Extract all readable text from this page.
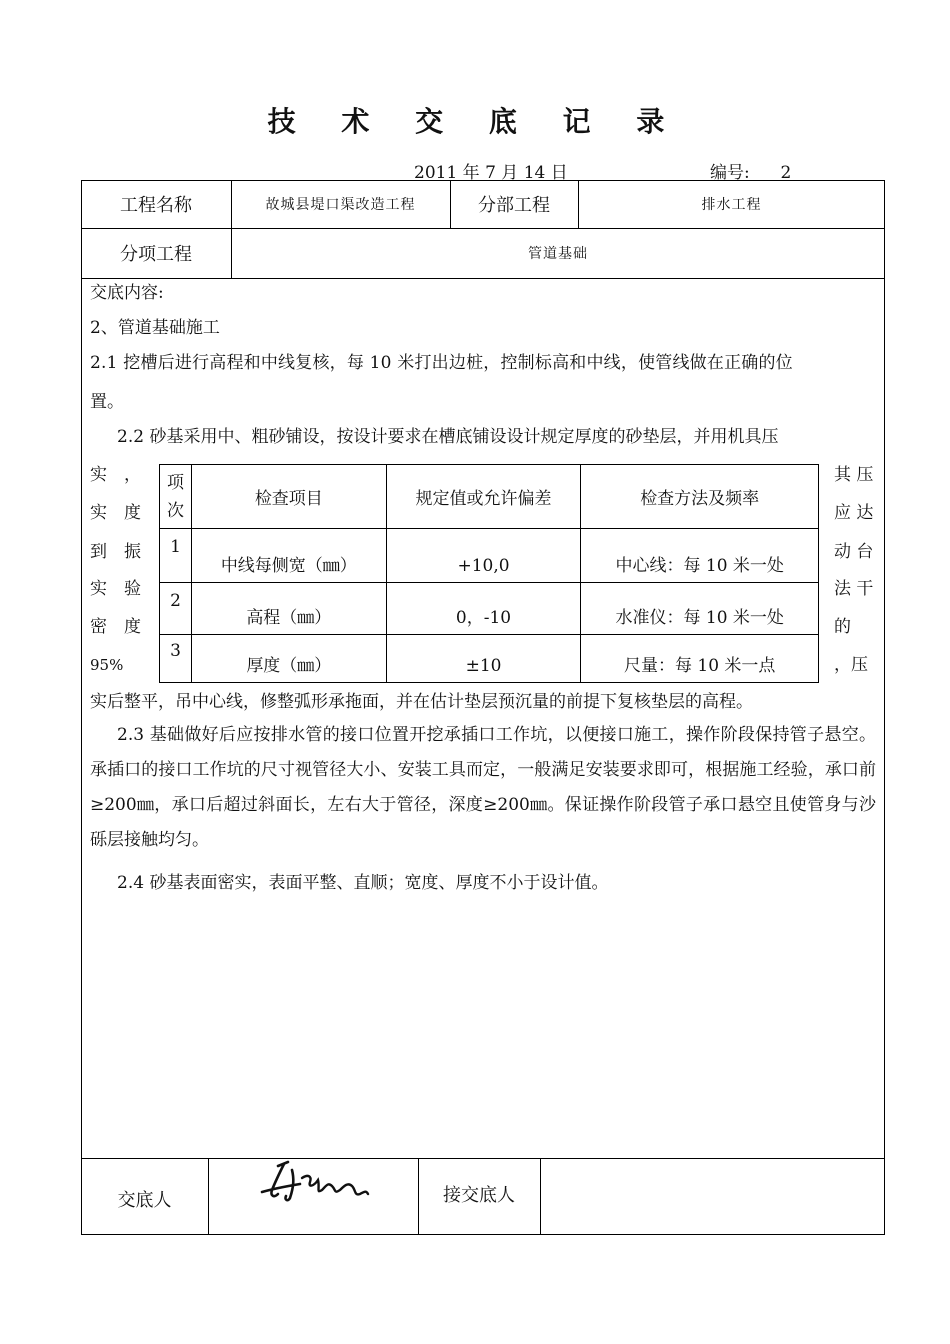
技 术 交 底 记 录
2011 年 7 月 14 日	编号: 2
工程名称	故城县堤口渠改造工程	分部工程	排水工程
分项工程	管道基础
交底内容:
2、管道基础施工
2.1 挖槽后进行高程和中线复核，每 10 米打出边桩，控制标高和中线，使管线做在正确的位
置。
2.2 砂基采用中、粗砂铺设，按设计要求在槽底铺设设计规定厚度的砂垫层，并用机具压
实　，
实　度
到　振
实　验
密　度
95%
其 压
应 达
动 台
法 干
的
，压
实后整平，吊中心线，修整弧形承拖面，并在估计垫层预沉量的前提下复核垫层的高程。
2.3 基础做好后应按排水管的接口位置开挖承插口工作坑，以便接口施工，操作阶段保持管子悬空。承插口的接口工作坑的尺寸视管径大小、安装工具而定，一般满足安装要求即可，根据施工经验，承口前≥200㎜，承口后超过斜面长，左右大于管径，深度≥200㎜。保证操作阶段管子承口悬空且使管身与沙砾层接触均匀。
2.4 砂基表面密实，表面平整、直顺；宽度、厚度不小于设计值。
项次	检查项目	规定值或允许偏差	检查方法及频率
1	中线每侧宽（㎜）	+10,0	中心线：每 10 米一处
2	高程（㎜）	0，-10	水准仪：每 10 米一处
3	厚度（㎜）	±10	尺量：每 10 米一点
交底人	接交底人
